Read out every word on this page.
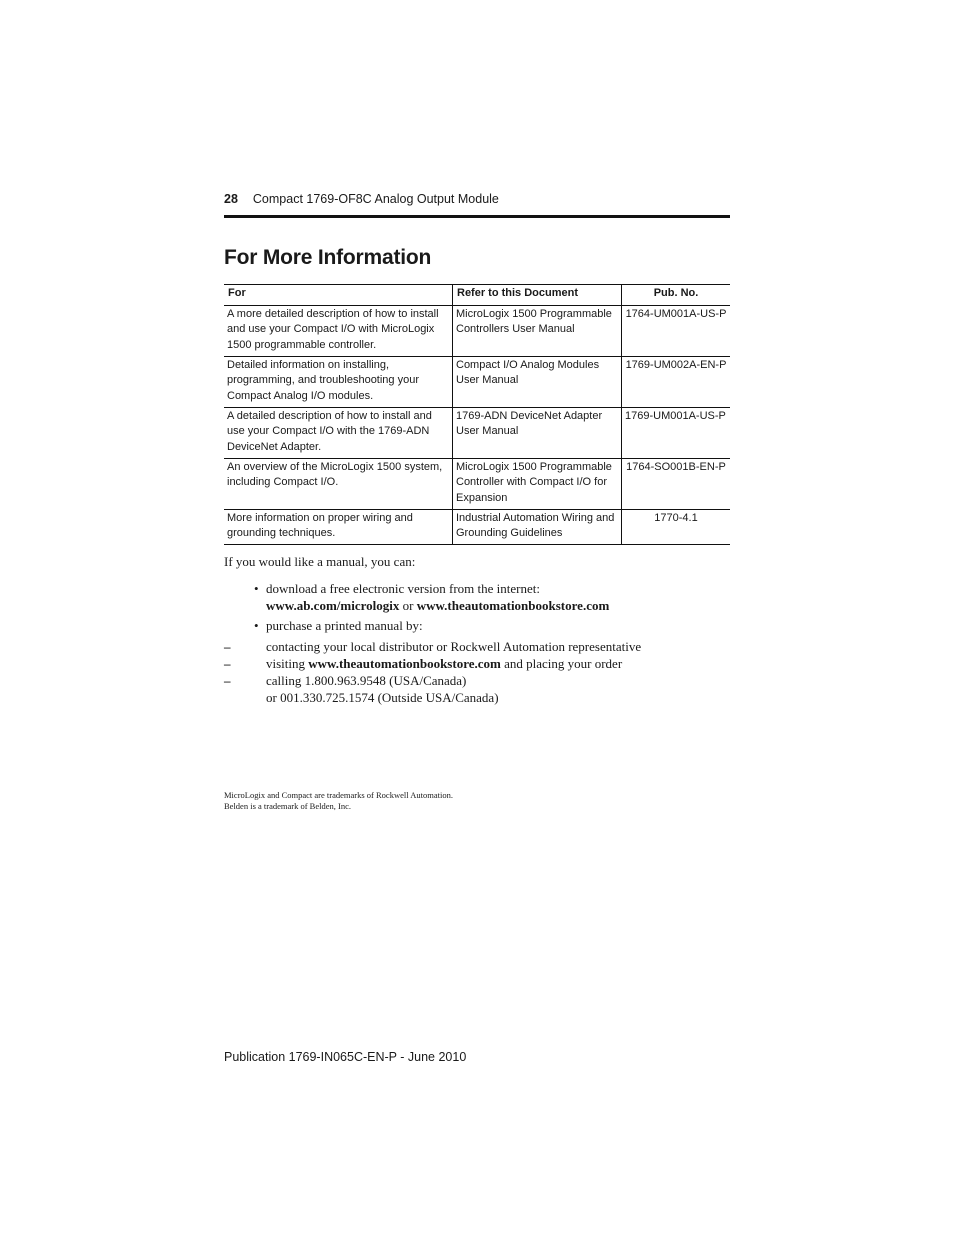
28 Compact 1769-OF8C Analog Output Module
For More Information
For	Refer to this Document	Pub. No.
A more detailed description of how to install and use your Compact I/O with MicroLogix 1500 programmable controller.	MicroLogix 1500 Programmable Controllers User Manual	1764-UM001A-US-P
Detailed information on installing, programming, and troubleshooting your Compact Analog I/O modules.	Compact I/O Analog Modules User Manual	1769-UM002A-EN-P
A detailed description of how to install and use your Compact I/O with the 1769-ADN DeviceNet Adapter.	1769-ADN DeviceNet Adapter User Manual	1769-UM001A-US-P
An overview of the MicroLogix 1500 system, including Compact I/O.	MicroLogix 1500 Programmable Controller with Compact I/O for Expansion	1764-SO001B-EN-P
More information on proper wiring and grounding techniques.	Industrial Automation Wiring and Grounding Guidelines	1770-4.1
If you would like a manual, you can:
• download a free electronic version from the internet:
www.ab.com/micrologix or www.theautomationbookstore.com
• purchase a printed manual by:
–	contacting your local distributor or Rockwell Automation representative
–	visiting www.theautomationbookstore.com and placing your order
–	calling 1.800.963.9548 (USA/Canada)
or 001.330.725.1574 (Outside USA/Canada)
MicroLogix and Compact are trademarks of Rockwell Automation.
Belden is a trademark of Belden, Inc.
Publication 1769-IN065C-EN-P - June 2010
